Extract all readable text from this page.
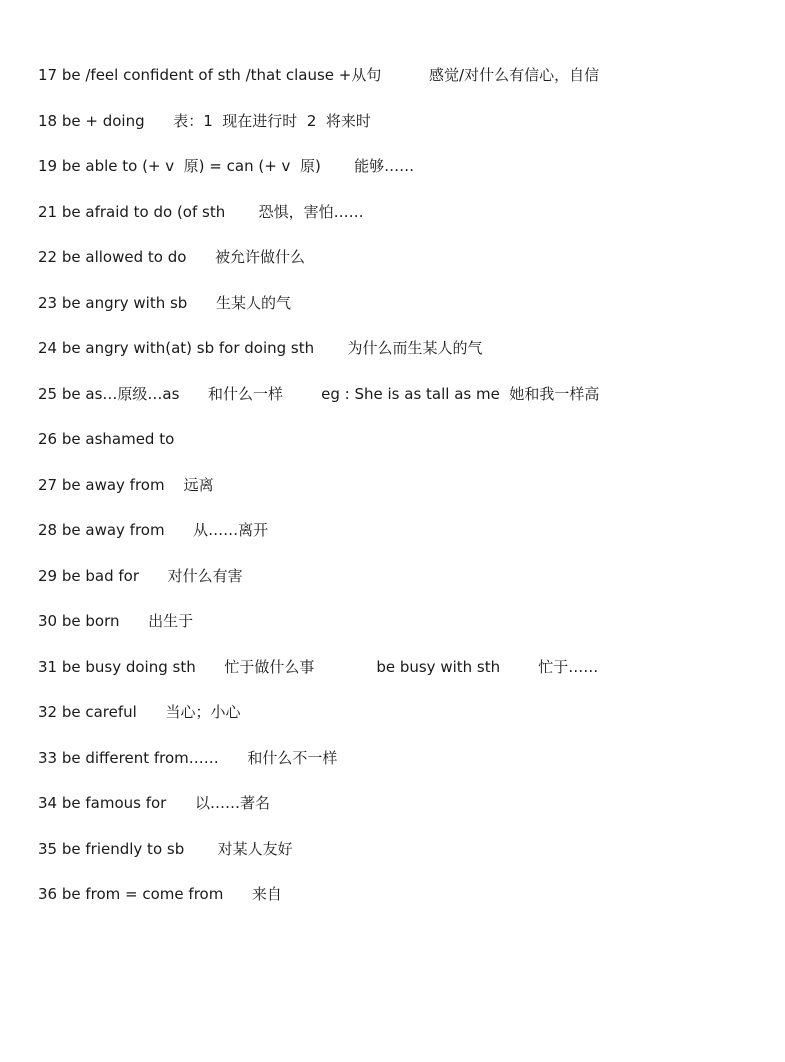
17 be /feel confident of sth /that clause +从句          感觉/对什么有信心，自信
18 be + doing      表：1  现在进行时  2  将来时
19 be able to (+ v  原) = can (+ v  原)       能够……
21 be afraid to do (of sth       恐惧，害怕……
22 be allowed to do      被允许做什么
23 be angry with sb      生某人的气
24 be angry with(at) sb for doing sth       为什么而生某人的气
25 be as…原级…as      和什么一样        eg : She is as tall as me  她和我一样高
26 be ashamed to
27 be away from    远离
28 be away from      从……离开
29 be bad for      对什么有害
30 be born      出生于
31 be busy doing sth      忙于做什么事             be busy with sth        忙于……
32 be careful      当心；小心
33 be different from……      和什么不一样
34 be famous for      以……著名
35 be friendly to sb       对某人友好
36 be from = come from      来自
